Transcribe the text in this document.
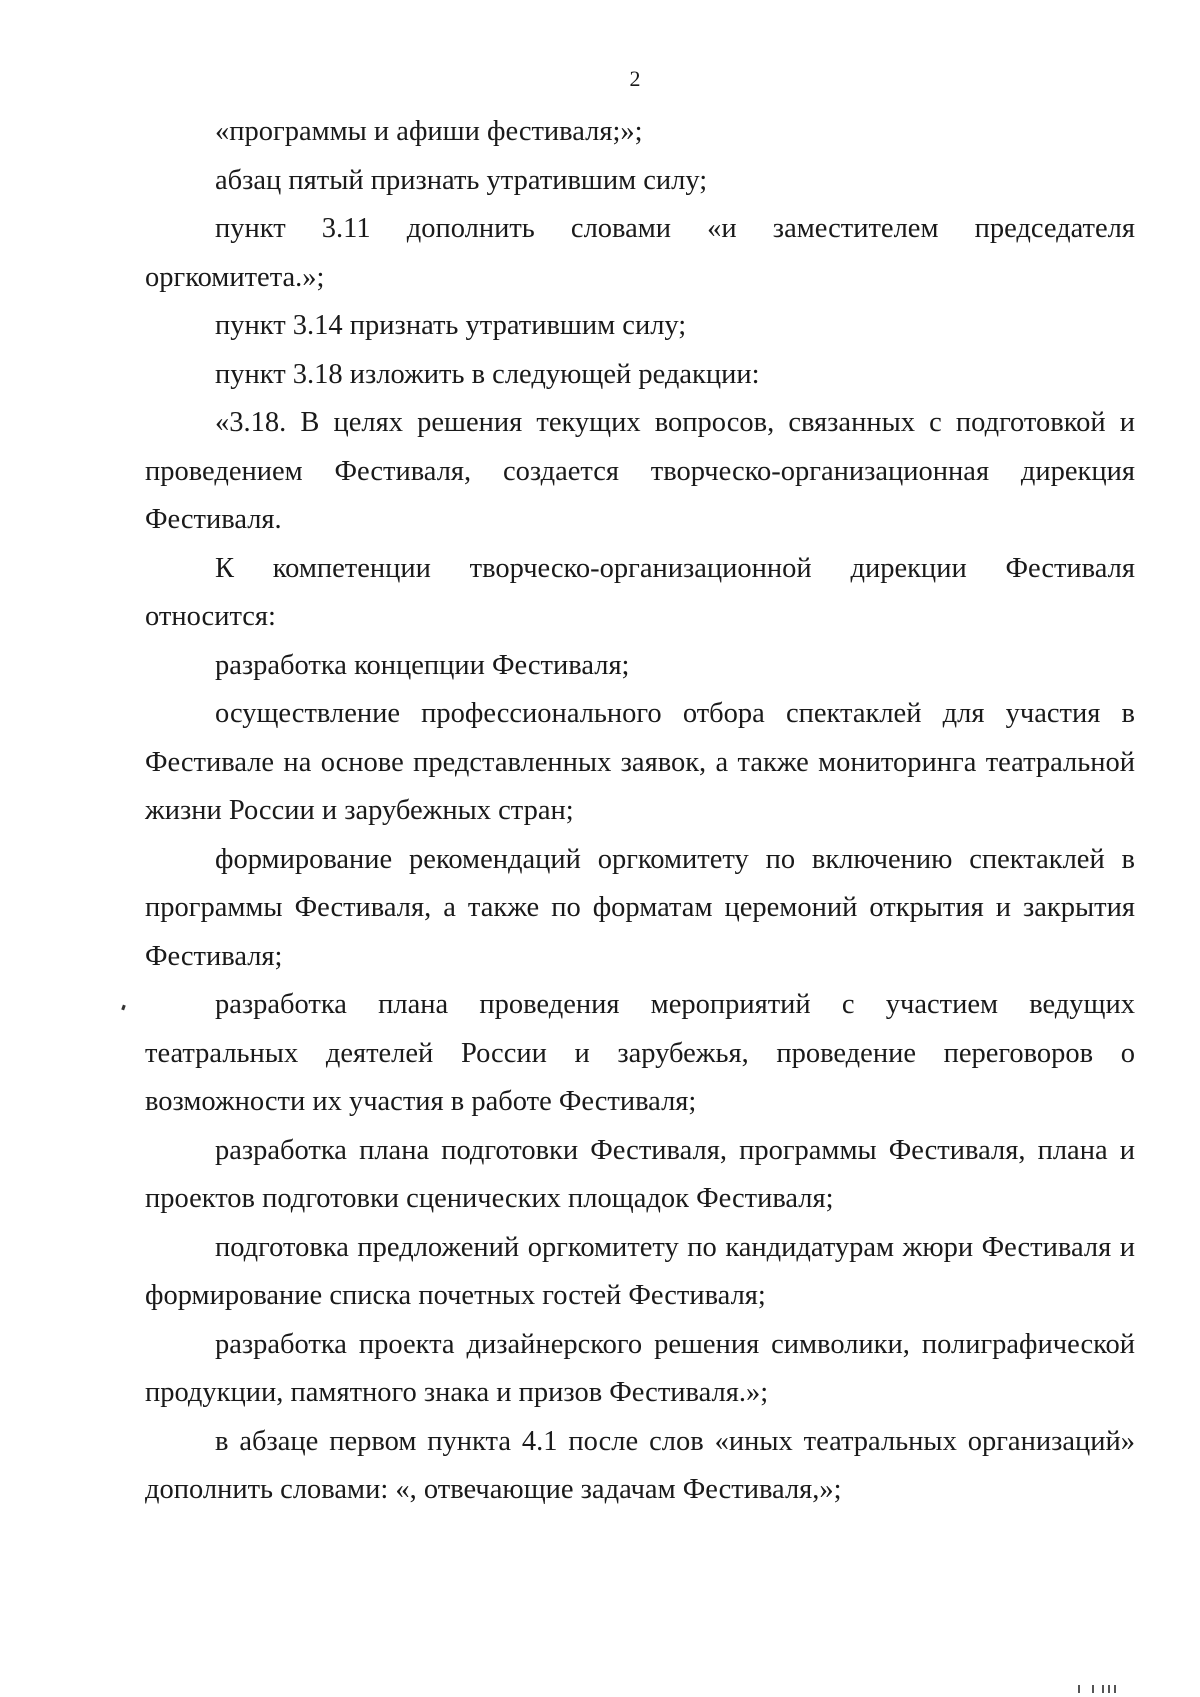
2

«программы и афиши фестиваля;»;

абзац пятый признать утратившим силу;

пункт 3.11 дополнить словами «и заместителем председателя оргкомитета.»;

пункт 3.14 признать утратившим силу;

пункт 3.18 изложить в следующей редакции:

«3.18. В целях решения текущих вопросов, связанных с подготовкой и проведением Фестиваля, создается творческо-организационная дирекция Фестиваля.

К компетенции творческо-организационной дирекции Фестиваля относится:

разработка концепции Фестиваля;

осуществление профессионального отбора спектаклей для участия в Фестивале на основе представленных заявок, а также мониторинга театральной жизни России и зарубежных стран;

формирование рекомендаций оргкомитету по включению спектаклей в программы Фестиваля, а также по форматам церемоний открытия и закрытия Фестиваля;

разработка плана проведения мероприятий с участием ведущих театральных деятелей России и зарубежья, проведение переговоров о возможности их участия в работе Фестиваля;

разработка плана подготовки Фестиваля, программы Фестиваля, плана и проектов подготовки сценических площадок Фестиваля;

подготовка предложений оргкомитету по кандидатурам жюри Фестиваля и формирование списка почетных гостей Фестиваля;

разработка проекта дизайнерского решения символики, полиграфической продукции, памятного знака и призов Фестиваля.»;

в абзаце первом пункта 4.1 после слов «иных театральных организаций» дополнить словами: «, отвечающие задачам Фестиваля,»;
